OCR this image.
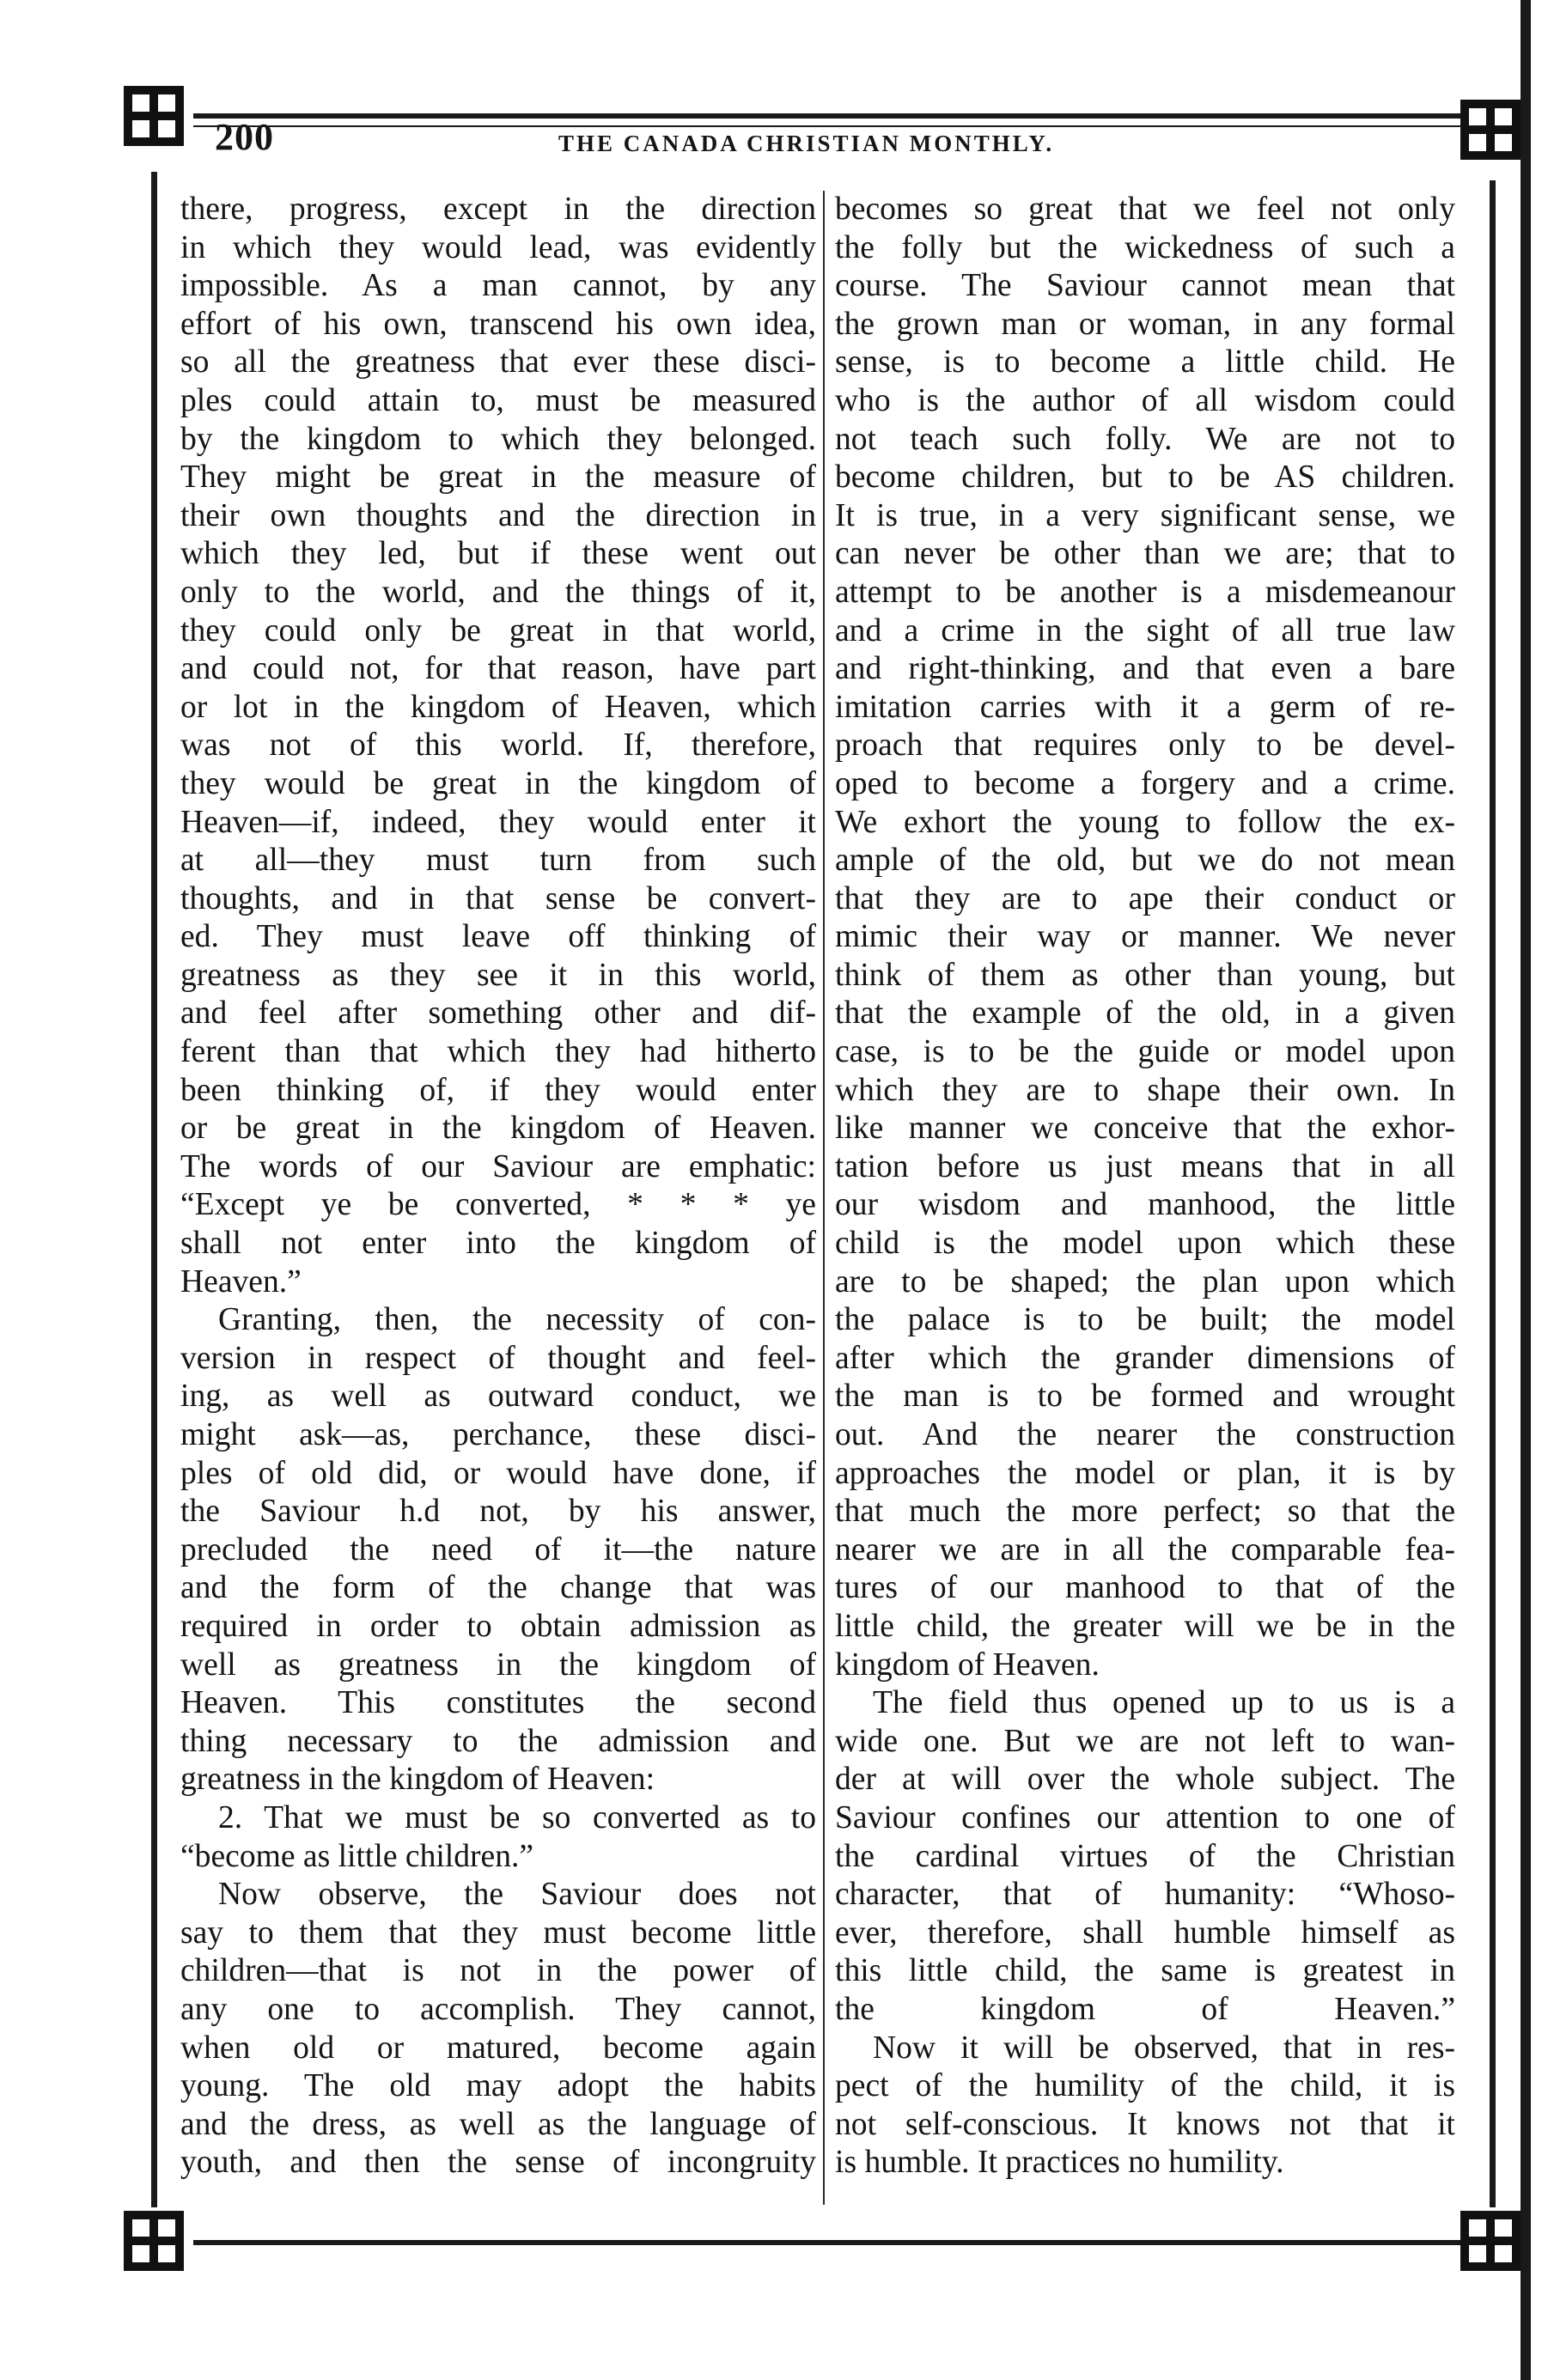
200	THE CANADA CHRISTIAN MONTHLY.
there, progress, except in the direction
in which they would lead, was evidently
impossible. As a man cannot, by any
effort of his own, transcend his own idea,
so all the greatness that ever these disci-
ples could attain to, must be measured
by the kingdom to which they belonged.
They might be great in the measure of
their own thoughts and the direction in
which they led, but if these went out
only to the world, and the things of it,
they could only be great in that world,
and could not, for that reason, have part
or lot in the kingdom of Heaven, which
was not of this world. If, therefore,
they would be great in the kingdom of
Heaven—if, indeed, they would enter it
at all—they must turn from such
thoughts, and in that sense be convert-
ed. They must leave off thinking of
greatness as they see it in this world,
and feel after something other and dif-
ferent than that which they had hitherto
been thinking of, if they would enter
or be great in the kingdom of Heaven.
The words of our Saviour are emphatic:
“Except ye be converted, * * * ye
shall not enter into the kingdom of
Heaven.”
Granting, then, the necessity of con-
version in respect of thought and feel-
ing, as well as outward conduct, we
might ask—as, perchance, these disci-
ples of old did, or would have done, if
the Saviour h.d not, by his answer,
precluded the need of it—the nature
and the form of the change that was
required in order to obtain admission as
well as greatness in the kingdom of
Heaven. This constitutes the second
thing necessary to the admission and
greatness in the kingdom of Heaven:
2. That we must be so converted as to
“become as little children.”
Now observe, the Saviour does not
say to them that they must become little
children—that is not in the power of
any one to accomplish. They cannot,
when old or matured, become again
young. The old may adopt the habits
and the dress, as well as the language of
youth, and then the sense of incongruity
becomes so great that we feel not only
the folly but the wickedness of such a
course. The Saviour cannot mean that
the grown man or woman, in any formal
sense, is to become a little child. He
who is the author of all wisdom could
not teach such folly. We are not to
become children, but to be AS children.
It is true, in a very significant sense, we
can never be other than we are; that to
attempt to be another is a misdemeanour
and a crime in the sight of all true law
and right-thinking, and that even a bare
imitation carries with it a germ of re-
proach that requires only to be devel-
oped to become a forgery and a crime.
We exhort the young to follow the ex-
ample of the old, but we do not mean
that they are to ape their conduct or
mimic their way or manner. We never
think of them as other than young, but
that the example of the old, in a given
case, is to be the guide or model upon
which they are to shape their own. In
like manner we conceive that the exhor-
tation before us just means that in all
our wisdom and manhood, the little
child is the model upon which these
are to be shaped; the plan upon which
the palace is to be built; the model
after which the grander dimensions of
the man is to be formed and wrought
out. And the nearer the construction
approaches the model or plan, it is by
that much the more perfect; so that the
nearer we are in all the comparable fea-
tures of our manhood to that of the
little child, the greater will we be in the
kingdom of Heaven.
The field thus opened up to us is a
wide one. But we are not left to wan-
der at will over the whole subject. The
Saviour confines our attention to one of
the cardinal virtues of the Christian
character, that of humanity: “Whoso-
ever, therefore, shall humble himself as
this little child, the same is greatest in
the kingdom of Heaven.”
Now it will be observed, that in res-
pect of the humility of the child, it is
not self-conscious. It knows not that it
is humble. It practices no humility.
